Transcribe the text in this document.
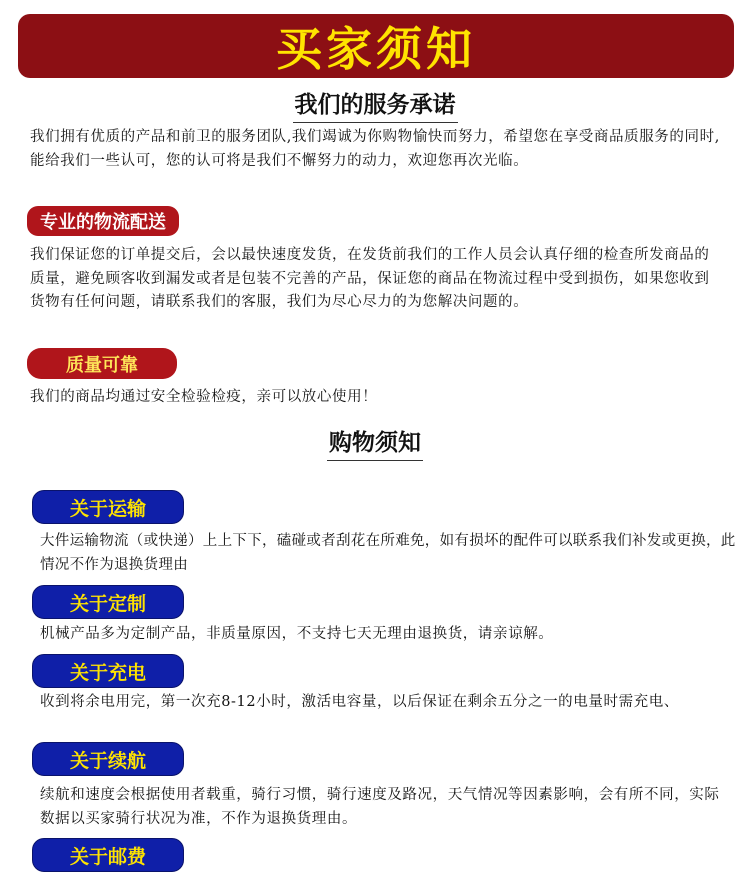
买家须知
我们的服务承诺

我们拥有优质的产品和前卫的服务团队,我们竭诚为你购物愉快而努力，希望您在享受商品质服务的同时,能给我们一些认可，您的认可将是我们不懈努力的动力，欢迎您再次光临。

专业的物流配送

我们保证您的订单提交后，会以最快速度发货，在发货前我们的工作人员会认真仔细的检查所发商品的质量，避免顾客收到漏发或者是包装不完善的产品，保证您的商品在物流过程中受到损伤，如果您收到货物有任何问题，请联系我们的客服，我们为尽心尽力的为您解决问题的。

质量可靠

我们的商品均通过安全检验检疫，亲可以放心使用！

购物须知
关于运输

大件运输物流（或快递）上上下下，磕碰或者刮花在所难免，如有损坏的配件可以联系我们补发或更换，此情况不作为退换货理由

关于定制

机械产品多为定制产品，非质量原因，不支持七天无理由退换货，请亲谅解。

关于充电

收到将余电用完，第一次充8-12小时，激活电容量，以后保证在剩余五分之一的电量时需充电、

关于续航

续航和速度会根据使用者载重，骑行习惯，骑行速度及路况，天气情况等因素影响，会有所不同，实际数据以买家骑行状况为准，不作为退换货理由。

关于邮费
